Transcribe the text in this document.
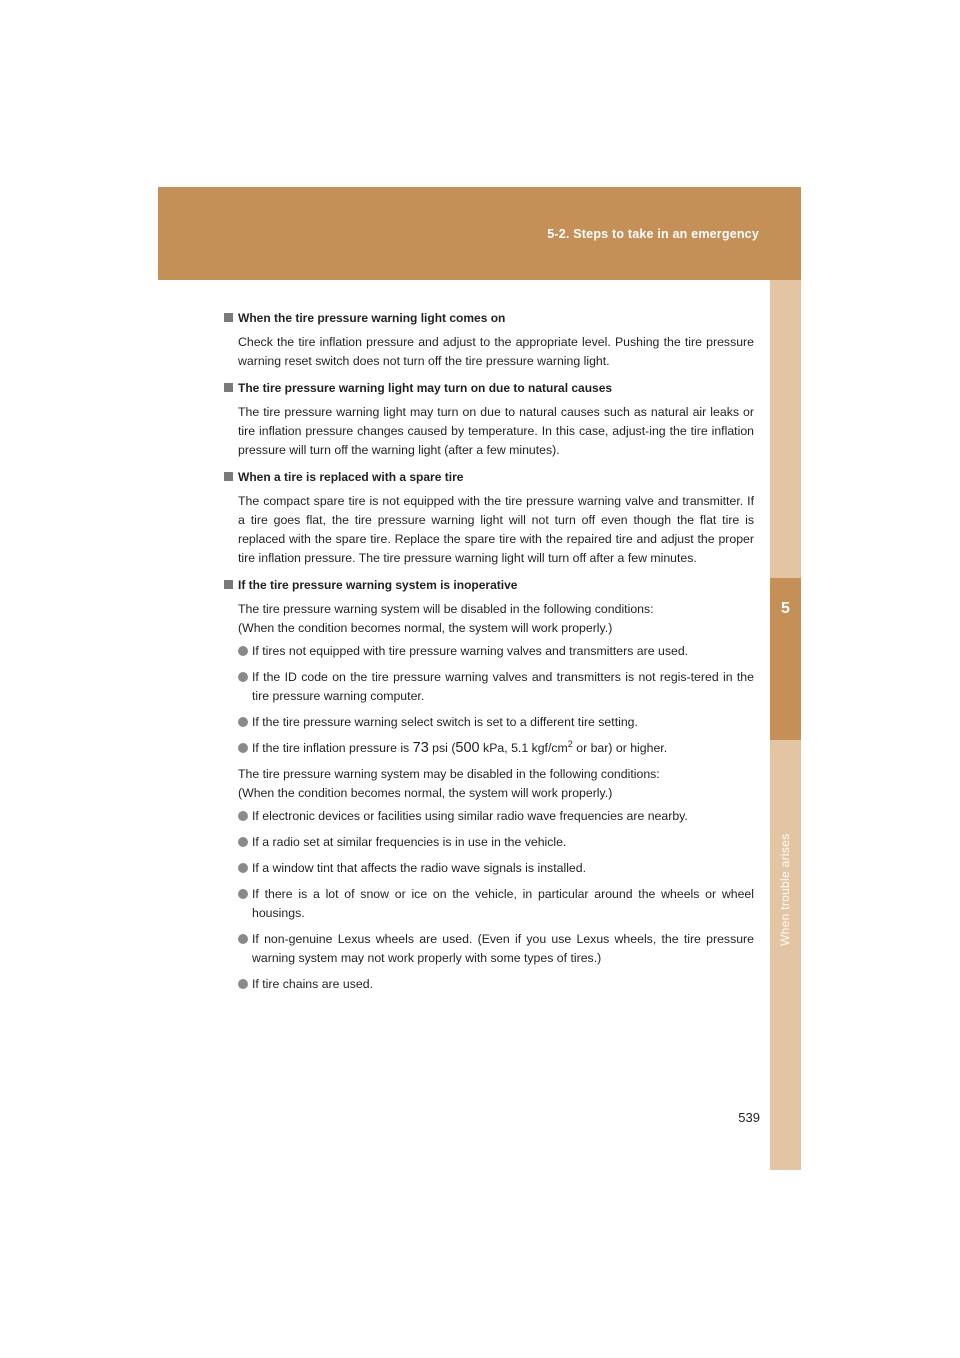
5-2. Steps to take in an emergency
5
When trouble arises
When the tire pressure warning light comes on
Check the tire inflation pressure and adjust to the appropriate level. Pushing the tire pressure warning reset switch does not turn off the tire pressure warning light.
The tire pressure warning light may turn on due to natural causes
The tire pressure warning light may turn on due to natural causes such as natural air leaks or tire inflation pressure changes caused by temperature. In this case, adjust-ing the tire inflation pressure will turn off the warning light (after a few minutes).
When a tire is replaced with a spare tire
The compact spare tire is not equipped with the tire pressure warning valve and transmitter. If a tire goes flat, the tire pressure warning light will not turn off even though the flat tire is replaced with the spare tire. Replace the spare tire with the repaired tire and adjust the proper tire inflation pressure. The tire pressure warning light will turn off after a few minutes.
If the tire pressure warning system is inoperative
The tire pressure warning system will be disabled in the following conditions:
(When the condition becomes normal, the system will work properly.)
If tires not equipped with tire pressure warning valves and transmitters are used.
If the ID code on the tire pressure warning valves and transmitters is not regis-tered in the tire pressure warning computer.
If the tire pressure warning select switch is set to a different tire setting.
If the tire inflation pressure is 73 psi (500 kPa, 5.1 kgf/$cm^2$ or bar) or higher.
The tire pressure warning system may be disabled in the following conditions:
(When the condition becomes normal, the system will work properly.)
If electronic devices or facilities using similar radio wave frequencies are nearby.
If a radio set at similar frequencies is in use in the vehicle.
If a window tint that affects the radio wave signals is installed.
If there is a lot of snow or ice on the vehicle, in particular around the wheels or wheel housings.
If non-genuine Lexus wheels are used. (Even if you use Lexus wheels, the tire pressure warning system may not work properly with some types of tires.)
If tire chains are used.
539
